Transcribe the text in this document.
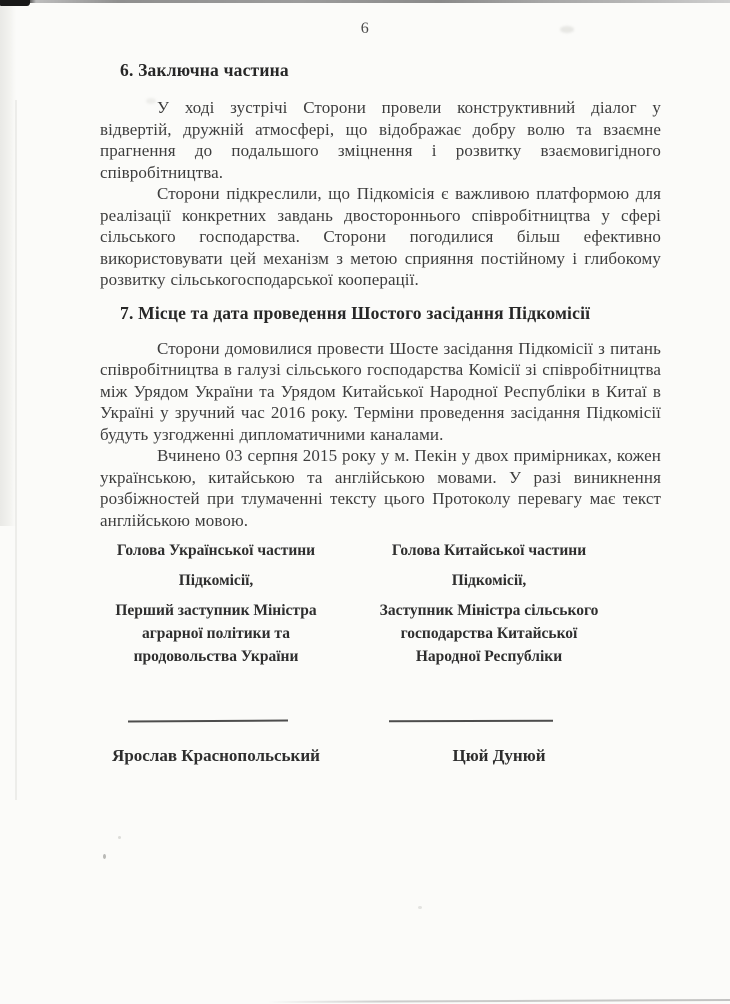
6
6. Заключна частина

У ході зустрічі Сторони провели конструктивний діалог у відвертій, дружній атмосфері, що відображає добру волю та взаємне прагнення до подальшого зміцнення і розвитку взаємовигідного співробітництва.

Сторони підкреслили, що Підкомісія є важливою платформою для реалізації конкретних завдань двостороннього співробітництва у сфері сільського господарства. Сторони погодилися більш ефективно використовувати цей механізм з метою сприяння постійному і глибокому розвитку сільськогосподарської кооперації.

7. Місце та дата проведення Шостого засідання Підкомісії

Сторони домовилися провести Шосте засідання Підкомісії з питань співробітництва в галузі сільського господарства Комісії зі співробітництва між Урядом України та Урядом Китайської Народної Республіки в Китаї в Україні у зручний час 2016 року. Терміни проведення засідання Підкомісії будуть узгодженні дипломатичними каналами.

Вчинено 03 серпня 2015 року у м. Пекін у двох примірниках, кожен українською, китайською та англійською мовами. У разі виникнення розбіжностей при тлумаченні тексту цього Протоколу перевагу має текст англійською мовою.

Голова Української частини
Підкомісії,
Перший заступник Міністра
аграрної політики та
продовольства України
Ярослав Краснопольський
Голова Китайської частини
Підкомісії,
Заступник Міністра сільського
господарства Китайської
Народної Республіки
Цюй Дунюй
